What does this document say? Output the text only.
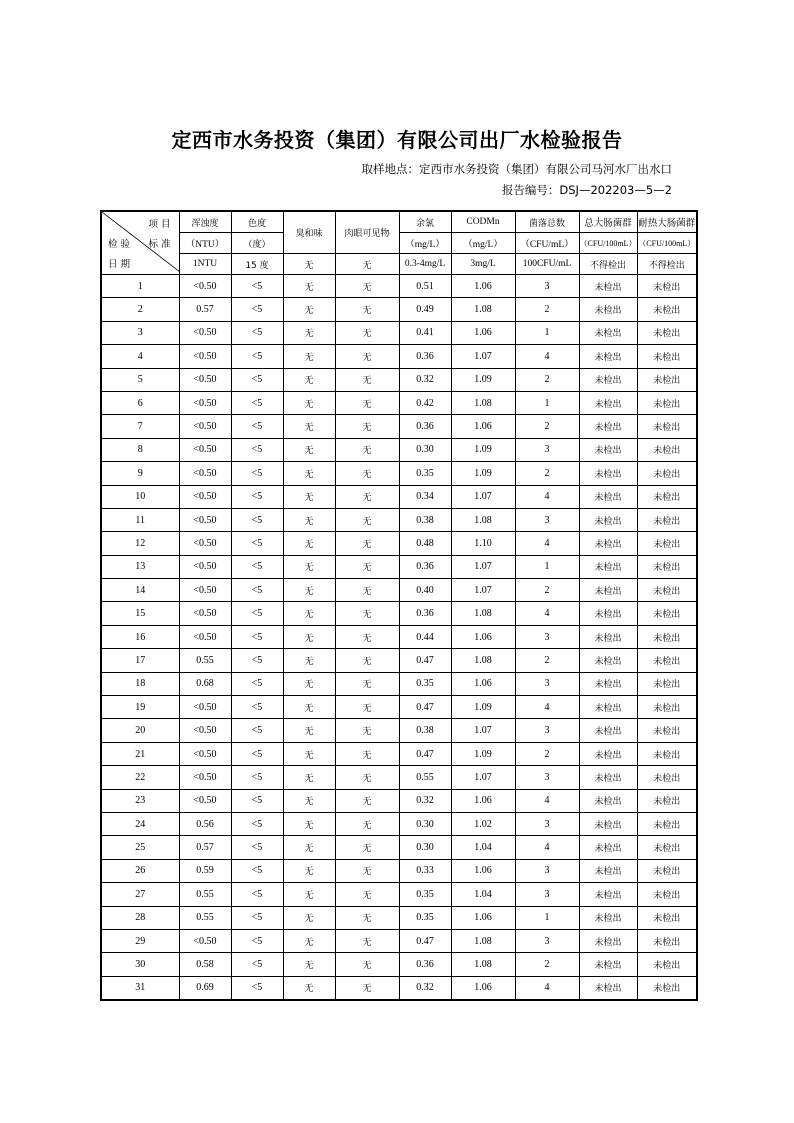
定西市水务投资（集团）有限公司出厂水检验报告
取样地点：定西市水务投资（集团）有限公司马河水厂出水口
报告编号：DSJ—202203—5—2
项 目
标 准
检 验
日 期	浑浊度	色度	臭和味	肉眼可见物	余氯	CODMn	菌落总数	总大肠菌群	耐热大肠菌群
	（NTU）	（度）			（mg/L）	（mg/L）	（CFU/mL）	（CFU/100mL）	（CFU/100mL）
	1NTU	15 度	无	无	0.3-4mg/L	3mg/L	100CFU/mL	不得检出	不得检出
1	<0.50	<5	无	无	0.51	1.06	3	未检出	未检出
2	0.57	<5	无	无	0.49	1.08	2	未检出	未检出
3	<0.50	<5	无	无	0.41	1.06	1	未检出	未检出
4	<0.50	<5	无	无	0.36	1.07	4	未检出	未检出
5	<0.50	<5	无	无	0.32	1.09	2	未检出	未检出
6	<0.50	<5	无	无	0.42	1.08	1	未检出	未检出
7	<0.50	<5	无	无	0.36	1.06	2	未检出	未检出
8	<0.50	<5	无	无	0.30	1.09	3	未检出	未检出
9	<0.50	<5	无	无	0.35	1.09	2	未检出	未检出
10	<0.50	<5	无	无	0.34	1.07	4	未检出	未检出
11	<0.50	<5	无	无	0.38	1.08	3	未检出	未检出
12	<0.50	<5	无	无	0.48	1.10	4	未检出	未检出
13	<0.50	<5	无	无	0.36	1.07	1	未检出	未检出
14	<0.50	<5	无	无	0.40	1.07	2	未检出	未检出
15	<0.50	<5	无	无	0.36	1.08	4	未检出	未检出
16	<0.50	<5	无	无	0.44	1.06	3	未检出	未检出
17	0.55	<5	无	无	0.47	1.08	2	未检出	未检出
18	0.68	<5	无	无	0.35	1.06	3	未检出	未检出
19	<0.50	<5	无	无	0.47	1.09	4	未检出	未检出
20	<0.50	<5	无	无	0.38	1.07	3	未检出	未检出
21	<0.50	<5	无	无	0.47	1.09	2	未检出	未检出
22	<0.50	<5	无	无	0.55	1.07	3	未检出	未检出
23	<0.50	<5	无	无	0.32	1.06	4	未检出	未检出
24	0.56	<5	无	无	0.30	1.02	3	未检出	未检出
25	0.57	<5	无	无	0.30	1.04	4	未检出	未检出
26	0.59	<5	无	无	0.33	1.06	3	未检出	未检出
27	0.55	<5	无	无	0.35	1.04	3	未检出	未检出
28	0.55	<5	无	无	0.35	1.06	1	未检出	未检出
29	<0.50	<5	无	无	0.47	1.08	3	未检出	未检出
30	0.58	<5	无	无	0.36	1.08	2	未检出	未检出
31	0.69	<5	无	无	0.32	1.06	4	未检出	未检出
